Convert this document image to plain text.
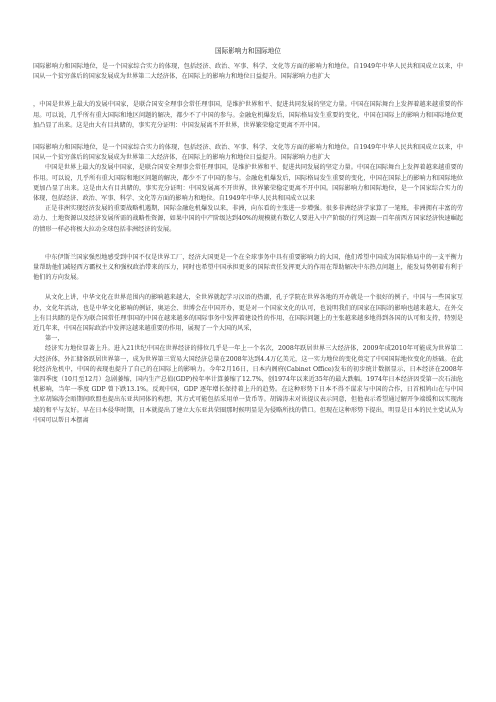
国际影响力和国际地位

国际影响力和国际地位，是一个国家综合实力的体现，包括经济、政治、军事、科学、文化等方面的影响力和地位。自1949年中华人民共和国成立以来，中国从一个贫穷落后的国家发展成为世界第二大经济体，在国际上的影响力和地位日益提升。国际影响力也扩大

，中国是世界上最大的发展中国家，是联合国安全理事会常任理事国，是维护世界和平、促进共同发展的坚定力量。中国在国际舞台上发挥着越来越重要的作用。可以说，几乎所有重大国际和地区问题的解决，都少不了中国的参与。金融危机爆发后，国际格局发生重要的变化，中国在国际上的影响力和国际地位更加凸显了出来。这是由大有目共睹的，事实充分证明：中国发展离不开世界，世界繁荣稳定更离不开中国。

国际影响力和国际地位，是一个国家综合实力的体现，包括经济、政治、军事、科学、文化等方面的影响力和地位。自1949年中华人民共和国成立以来，中国从一个贫穷落后的国家发展成为世界第二大经济体，在国际上的影响力和地位日益提升。国际影响力也扩大

中国是世界上最大的发展中国家，是联合国安全理事会常任理事国，是维护世界和平、促进共同发展的坚定力量。中国在国际舞台上发挥着越来越重要的作用。可以说，几乎所有重大国际和地区问题的解决，都少不了中国的参与。金融危机爆发后，国际格局发生重要的变化，中国在国际上的影响力和国际地位更加凸显了出来。这是由大有目共睹的，事实充分证明：中国发展离不开世界，世界繁荣稳定更离不开中国。国际影响力和国际地位，是一个国家综合实力的体现，包括经济、政治、军事、科学、文化等方面的影响力和地位。自1949年中华人民共和国成立以来

正是非洲实现经济发展的重要战略机遇期，国际金融危机爆发以来，非洲，向东看的主张进一步增强。很多非洲经济学家算了一笔账，非洲拥有丰富的劳动力、土地资源以及经济发展所需的战略性资源，如果中国的中产阶级达到40%的规模就有数亿人要进入中产阶级的行列这跟一百年前西方国家经济快速崛起的情形一样必将极大拉动全球包括非洲经济的发展。

中东伊斯兰国家强烈地感受到中国不仅是世界工厂，经济大国更是一个在全球事务中具有重要影响力的大国，他们希望中国成为国际格局中的一支平衡力量帮助他们减轻西方霸权主义和强权政治带来的压力，同时也希望中国承担更多的国际责任发挥更大的作用在帮助解决中东热点问题上，能发局势朝着有利于他们的方向发展。

从文化上讲，中华文化在世界范围内的影响越来越大，全世界就起学习汉语的热潮，孔子学院在世界各地的开办就是一个很好的例子，中国与一些国家互办，文化年活动，也是中华文化影响的例证，奥运会、世博会在中国开办，更是对一个国家文化的认可，也说明我们的国家在国际的影响也越来越大，在外交上有目共睹的是作为联合国常任理事国的中国在越来越多的国际事务中发挥着建设性的作用，在国际问题上的主张越来越多地得到各国的认可和支持，特别是近几年来，中国在国际政治中发挥这越来越重要的作用，展现了一个大国的风采，

第一，

经济实力地位显著上升。进入21世纪中国在世界经济的排位几乎是一年上一个名次，2008年跃居世界三大经济体，2009年成2010年可能成为世界第二大经济体，外汇储备跃居世界第一，成为世界第三贸易大国经济总量在2008年达到4.4万亿美元，这一实力地位的变化奠定了中国国际地位变化的基础。在此轮经济危机中，中国的表现也提升了自己的在国际上的影响力。今年2月16日，日本内阁府(Cabinet Office)发布的初步统计数据显示，日本经济在2008年第四季度（10月至12月）急剧萎缩，国内生产总值(GDP)按年率计算萎缩了12.7%，创1974年以来近35年的最大跌幅。1974年日本经济因受第一次石油危机影响，当年一季度 GDP 曾下跌13.1%。反观中国，GDP 逐年增长保持着上升的趋势。在这种形势下日本不得不谋求与中国的合作，日首相鸠山在与中国主席胡锦涛会晤期间欧盟也提出东亚共同体的构想，其方式可能包括采用单一货币等。胡锦涛未对该提议表示同意，但他表示希望通过解开争端缓和以实现海域的和平与友好。早在日本侵华时期，日本就提出了建立大东亚共荣圈那时候明显是为侵略所找的借口。但现在这种形势下提出，明显是日本的民主党试从为中国可以帮日本摆离
